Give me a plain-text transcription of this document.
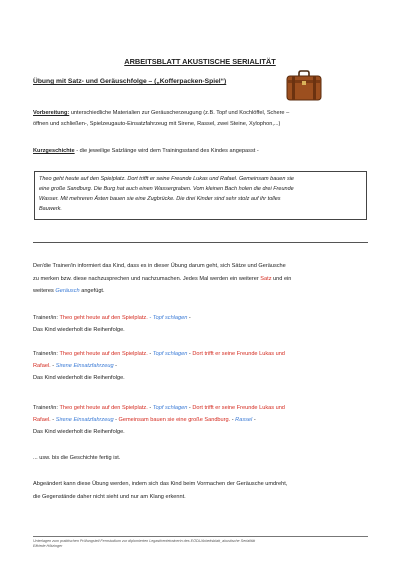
ARBEITSBLATT AKUSTISCHE SERIALITÄT
Übung mit Satz- und Geräuschfolge – („Kofferpacken-Spiel“)
Vorbereitung: unterschiedliche Materialien zur Geräuscherzeugung (z.B. Topf und Kochlöffel, Schere –
öffnen und schließen-, Spielzeugauto-Einsatzfahrzeug mit Sirene, Rassel, zwei Steine, Xylophon,...)
Kurzgeschichte - die jeweilige Satzlänge wird dem Trainingsstand des Kindes angepasst -
Theo geht heute auf den Spielplatz. Dort trifft er seine Freunde Lukas und Rafael. Gemeinsam bauen sie
eine große Sandburg. Die Burg hat auch einen Wassergraben. Vom kleinen Bach holen die drei Freunde
Wasser. Mit mehreren Ästen bauen sie eine Zugbrücke. Die drei Kinder sind sehr stolz auf ihr tolles
Bauwerk.
Der/die Trainer/in informiert das Kind, dass es in dieser Übung darum geht, sich Sätze und Geräusche
zu merken bzw. diese nachzusprechen und nachzumachen. Jedes Mal werden ein weiterer Satz und ein
weiteres Geräusch angefügt.
Trainer/in: Theo geht heute auf den Spielplatz. - Topf schlagen -
Das Kind wiederholt die Reihenfolge.
Trainer/in: Theo geht heute auf den Spielplatz. - Topf schlagen - Dort trifft er seine Freunde Lukas und
Rafael. - Sirene Einsatzfahrzeug -
Das Kind wiederholt die Reihenfolge.
Trainer/in: Theo geht heute auf den Spielplatz. - Topf schlagen - Dort trifft er seine Freunde Lukas und
Rafael. - Sirene Einsatzfahrzeug - Gemeinsam bauen sie eine große Sandburg. - Rassel -
Das Kind wiederholt die Reihenfolge.
... usw. bis die Geschichte fertig ist.
Abgeändert kann diese Übung werden, indem sich das Kind beim Vormachen der Geräusche umdreht,
die Gegenstände daher nicht sieht und nur am Klang erkennt.
Unterlagen zum praktischen Prüfungsteil Fernstudium zur diplomierten Legasthenietrainerin des EÖDL/Arbeitsblatt_akustische Serialität
Elfriede Hötzinger
